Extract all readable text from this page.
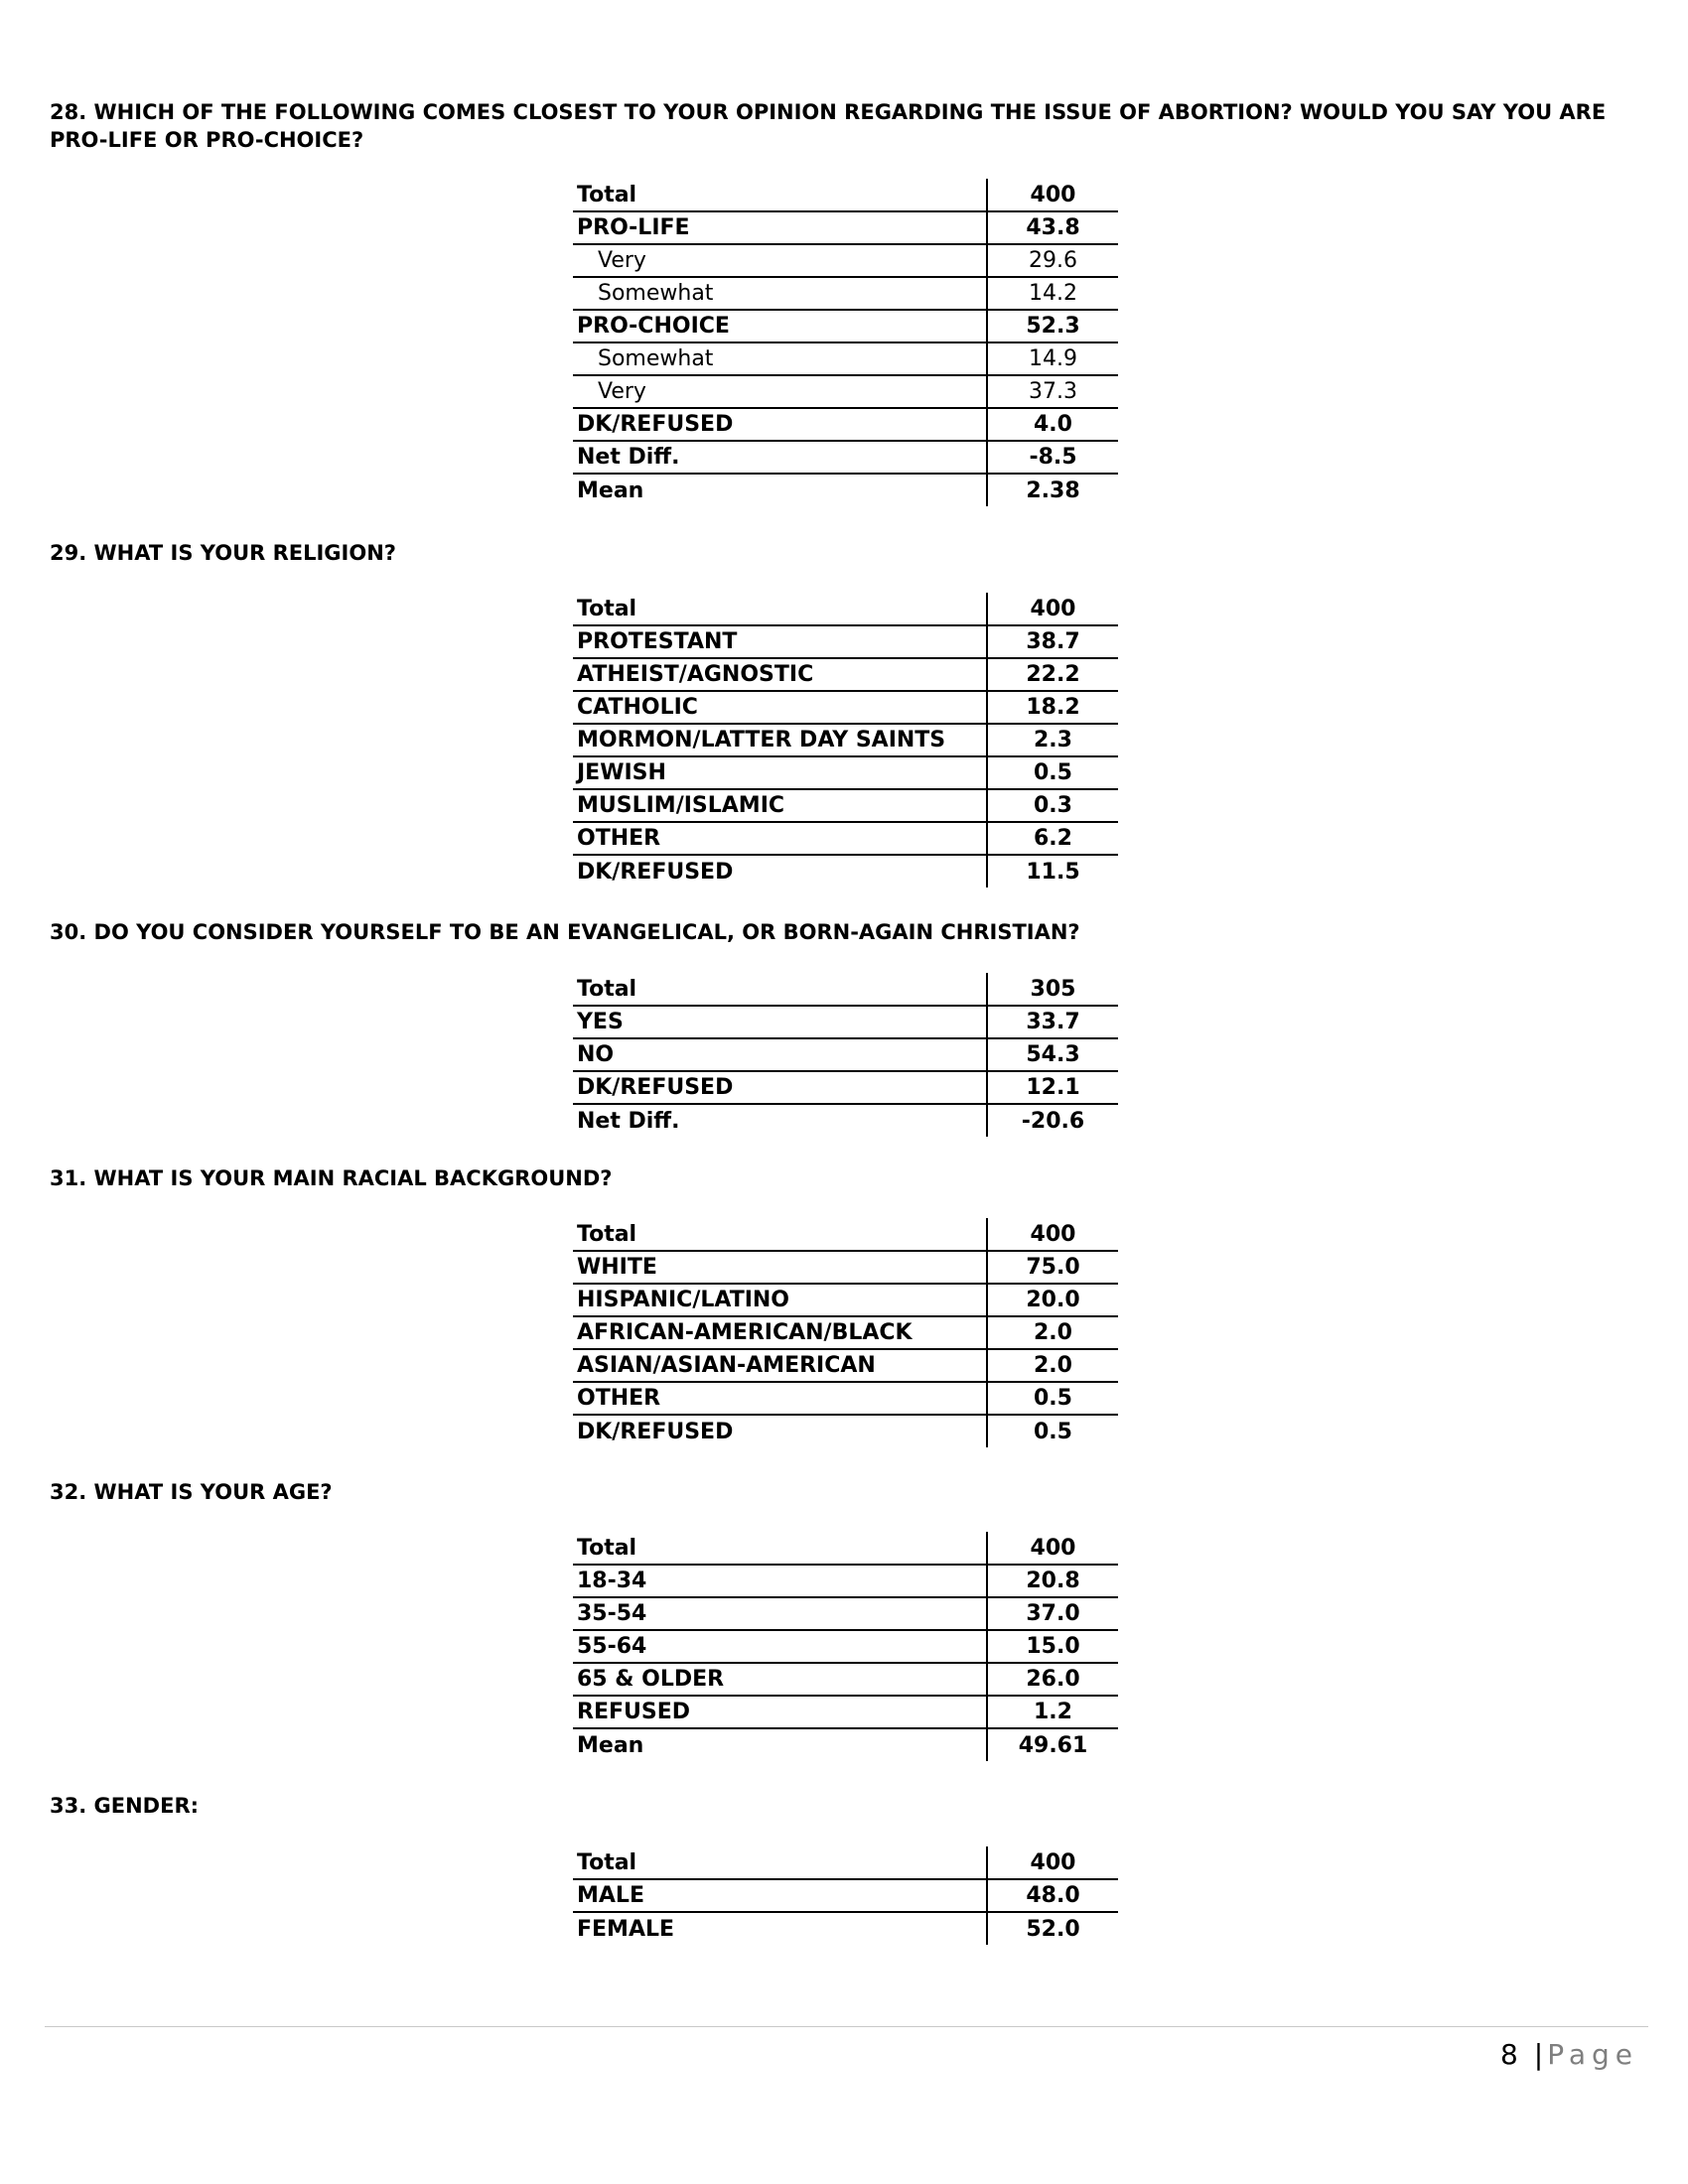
28. WHICH OF THE FOLLOWING COMES CLOSEST TO YOUR OPINION REGARDING THE ISSUE OF ABORTION? WOULD YOU SAY YOU ARE PRO-LIFE OR PRO-CHOICE?
Total	400
PRO-LIFE	43.8
Very	29.6
Somewhat	14.2
PRO-CHOICE	52.3
Somewhat	14.9
Very	37.3
DK/REFUSED	4.0
Net Diff.	-8.5
Mean	2.38
29. WHAT IS YOUR RELIGION?
Total	400
PROTESTANT	38.7
ATHEIST/AGNOSTIC	22.2
CATHOLIC	18.2
MORMON/LATTER DAY SAINTS	2.3
JEWISH	0.5
MUSLIM/ISLAMIC	0.3
OTHER	6.2
DK/REFUSED	11.5
30. DO YOU CONSIDER YOURSELF TO BE AN EVANGELICAL, OR BORN-AGAIN CHRISTIAN?
Total	305
YES	33.7
NO	54.3
DK/REFUSED	12.1
Net Diff.	-20.6
31. WHAT IS YOUR MAIN RACIAL BACKGROUND?
Total	400
WHITE	75.0
HISPANIC/LATINO	20.0
AFRICAN-AMERICAN/BLACK	2.0
ASIAN/ASIAN-AMERICAN	2.0
OTHER	0.5
DK/REFUSED	0.5
32. WHAT IS YOUR AGE?
Total	400
18-34	20.8
35-54	37.0
55-64	15.0
65 & OLDER	26.0
REFUSED	1.2
Mean	49.61
33. GENDER:
Total	400
MALE	48.0
FEMALE	52.0
8 | Page
